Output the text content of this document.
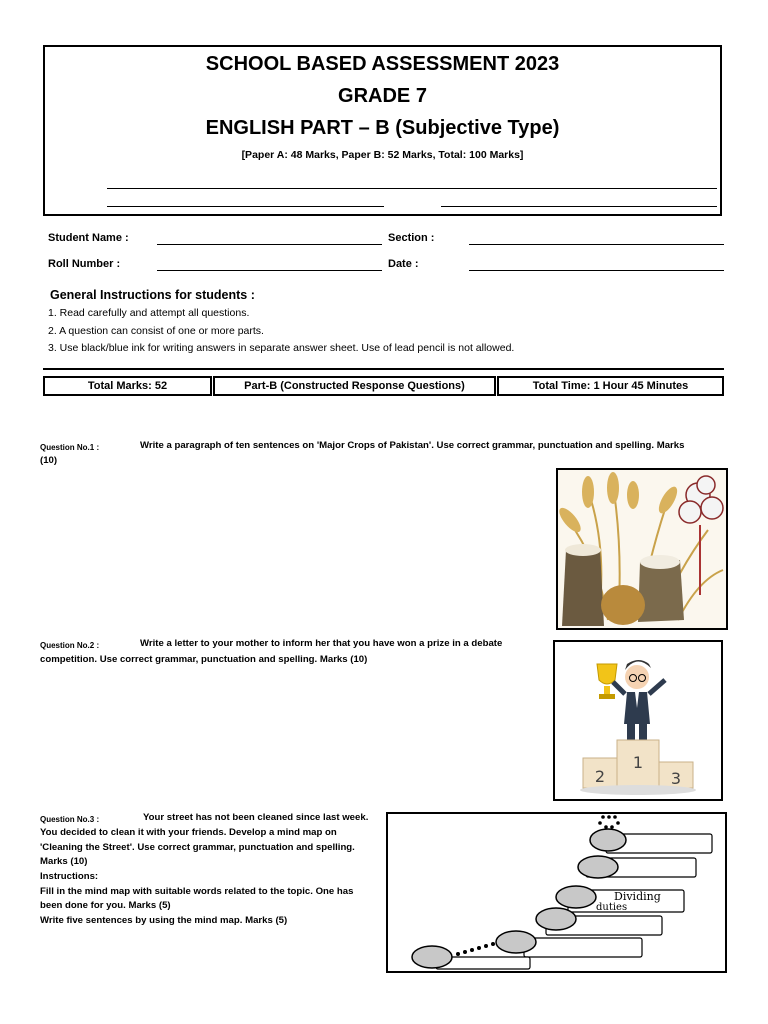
SCHOOL BASED ASSESSMENT 2023
GRADE 7
ENGLISH PART – B (Subjective Type)
[Paper A: 48 Marks, Paper B: 52 Marks, Total: 100 Marks]
Student Name :	Section :
Roll Number :	Date :
General Instructions for students :
1. Read carefully and attempt all questions.
2. A question can consist of one or more parts.
3. Use black/blue ink for writing answers in separate answer sheet. Use of lead pencil is not allowed.
Total Marks: 52	Part-B (Constructed Response Questions)	Total Time: 1 Hour 45 Minutes
Question No.1 :	Write a paragraph of ten sentences on 'Major Crops of Pakistan'. Use correct grammar, punctuation and spelling. Marks
(10)
Question No.2 :	Write a letter to your mother to inform her that you have won a prize in a debate
competition. Use correct grammar, punctuation and spelling. Marks (10)
1
2	3
Question No.3 :	Your street has not been cleaned since last week.
You decided to clean it with your friends. Develop a mind map on
'Cleaning the Street'. Use correct grammar, punctuation and spelling.
Marks (10)
Instructions:
Fill in the mind map with suitable words related to the topic. One has
been done for you. Marks (5)
Write five sentences by using the mind map. Marks (5)
Dividing
duties
